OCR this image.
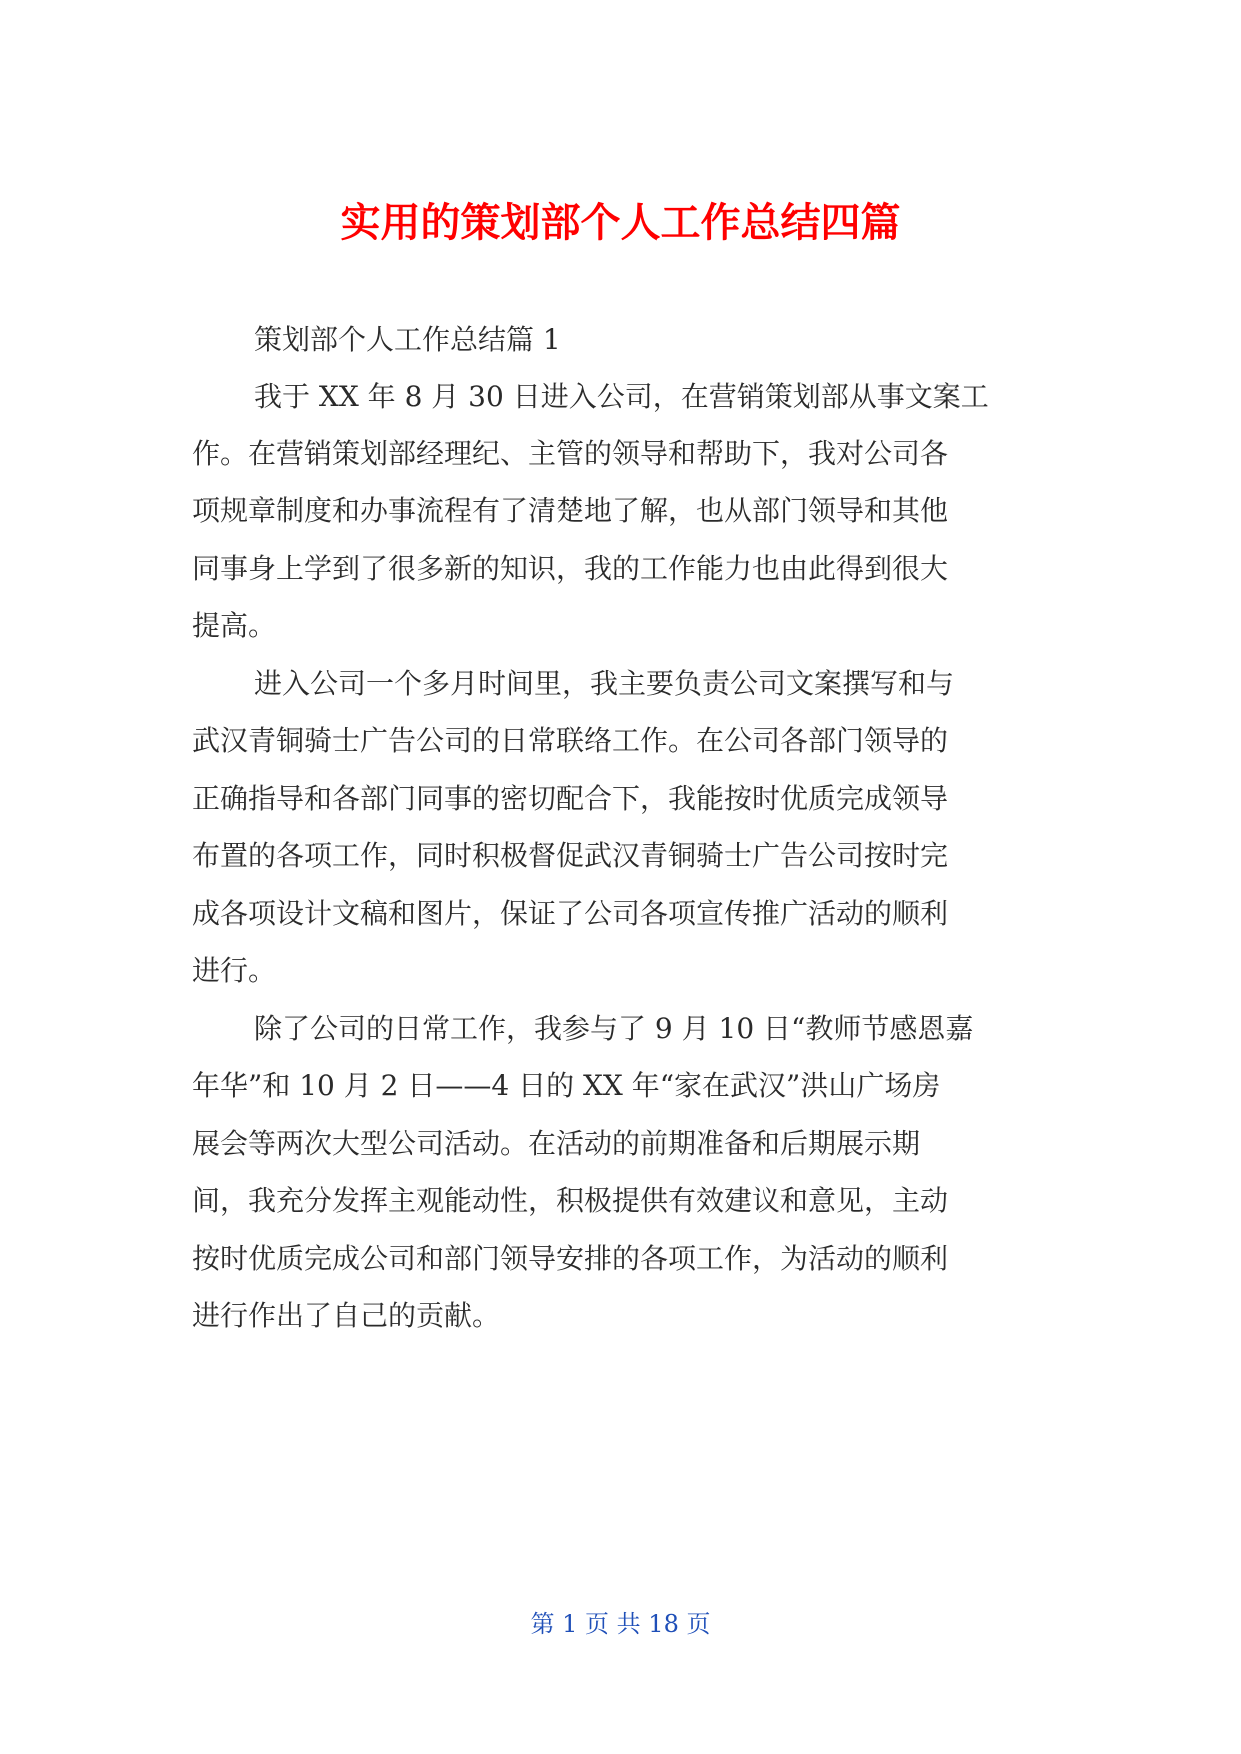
实用的策划部个人工作总结四篇

策划部个人工作总结篇 1

我于 XX 年 8 月 30 日进入公司，在营销策划部从事文案工

作。在营销策划部经理纪、主管的领导和帮助下，我对公司各

项规章制度和办事流程有了清楚地了解，也从部门领导和其他

同事身上学到了很多新的知识，我的工作能力也由此得到很大

提高。

进入公司一个多月时间里，我主要负责公司文案撰写和与

武汉青铜骑士广告公司的日常联络工作。在公司各部门领导的

正确指导和各部门同事的密切配合下，我能按时优质完成领导

布置的各项工作，同时积极督促武汉青铜骑士广告公司按时完

成各项设计文稿和图片，保证了公司各项宣传推广活动的顺利

进行。

除了公司的日常工作，我参与了 9 月 10 日“教师节感恩嘉

年华”和 10 月 2 日——4 日的 XX 年“家在武汉”洪山广场房

展会等两次大型公司活动。在活动的前期准备和后期展示期

间，我充分发挥主观能动性，积极提供有效建议和意见，主动

按时优质完成公司和部门领导安排的各项工作，为活动的顺利

进行作出了自己的贡献。

第 1 页 共 18 页
